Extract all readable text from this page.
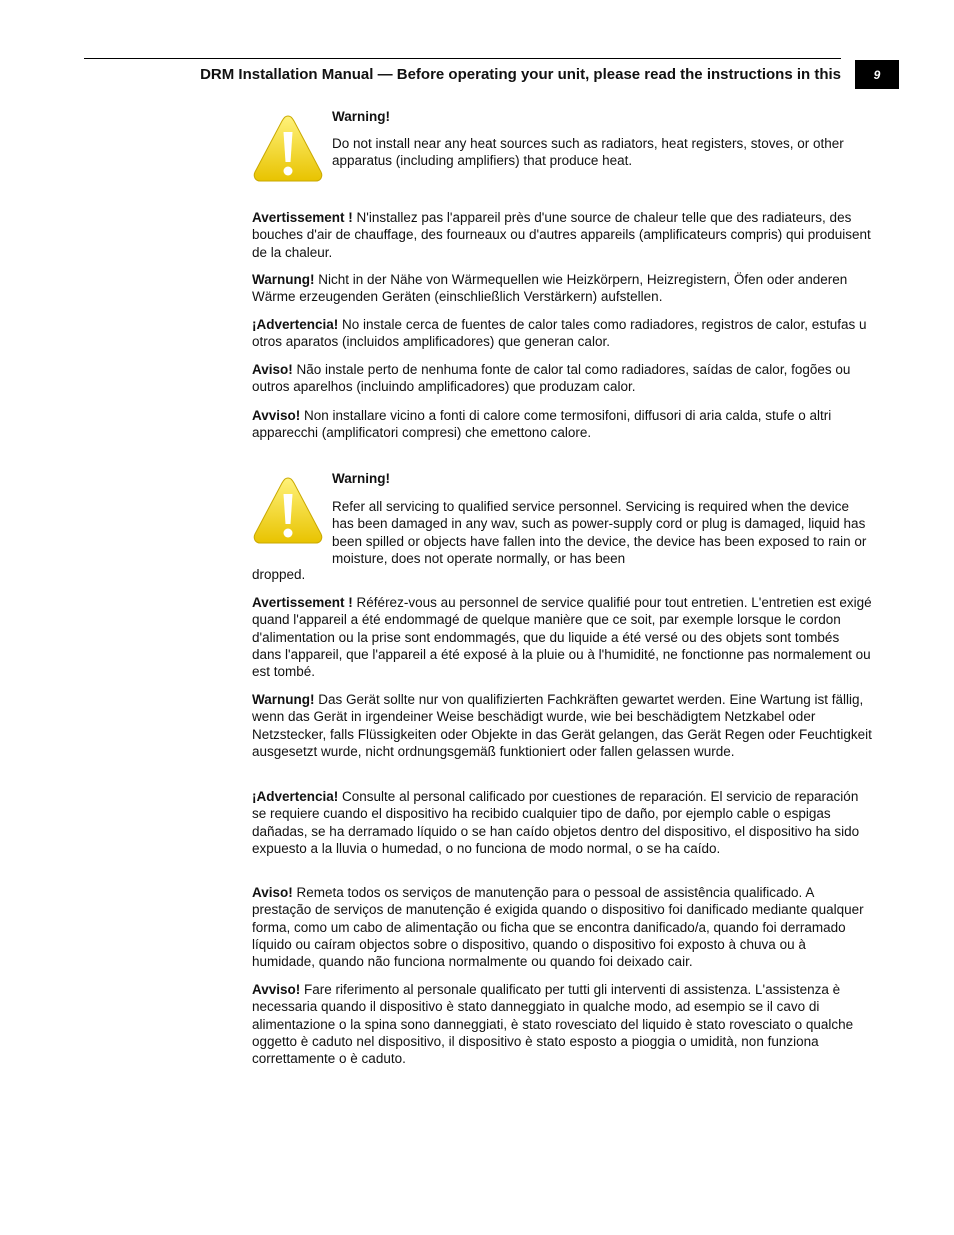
DRM Installation Manual — Before operating your unit, please read the instructions in this	9
Warning!
Do not install near any heat sources such as radiators, heat registers, stoves, or other apparatus (including amplifiers) that produce heat.
Avertissement ! N'installez pas l'appareil près d'une source de chaleur telle que des radiateurs, des bouches d'air de chauffage, des fourneaux ou d'autres appareils (amplificateurs compris) qui produisent de la chaleur.
Warnung! Nicht in der Nähe von Wärmequellen wie Heizkörpern, Heizregistern, Öfen oder anderen Wärme erzeugenden Geräten (einschließlich Verstärkern) aufstellen.
¡Advertencia! No instale cerca de fuentes de calor tales como radiadores, registros de calor, estufas u otros aparatos (incluidos amplificadores) que generan calor.
Aviso! Não instale perto de nenhuma fonte de calor tal como radiadores, saídas de calor, fogões ou outros aparelhos (incluindo amplificadores) que produzam calor.
Avviso! Non installare vicino a fonti di calore come termosifoni, diffusori di aria calda, stufe o altri apparecchi (amplificatori compresi) che emettono calore.
Warning!
Refer all servicing to qualified service personnel. Servicing is required when the device has been damaged in any wav, such as power-supply cord or plug is damaged, liquid has been spilled or objects have fallen into the device, the device has been exposed to rain or moisture, does not operate normally, or has been
dropped.
Avertissement ! Référez-vous au personnel de service qualifié pour tout entretien. L'entretien est exigé quand l'appareil a été endommagé de quelque manière que ce soit, par exemple lorsque le cordon d'alimentation ou la prise sont endommagés, que du liquide a été versé ou des objets sont tombés dans l'appareil, que l'appareil a été exposé à la pluie ou à l'humidité, ne fonctionne pas normalement ou est tombé.
Warnung! Das Gerät sollte nur von qualifizierten Fachkräften gewartet werden. Eine Wartung ist fällig, wenn das Gerät in irgendeiner Weise beschädigt wurde, wie bei beschädigtem Netzkabel oder Netzstecker, falls Flüssigkeiten oder Objekte in das Gerät gelangen, das Gerät Regen oder Feuchtigkeit ausgesetzt wurde, nicht ordnungsgemäß funktioniert oder fallen gelassen wurde.
¡Advertencia! Consulte al personal calificado por cuestiones de reparación. El servicio de reparación se requiere cuando el dispositivo ha recibido cualquier tipo de daño, por ejemplo cable o espigas dañadas, se ha derramado líquido o se han caído objetos dentro del dispositivo, el dispositivo ha sido expuesto a la lluvia o humedad, o no funciona de modo normal, o se ha caído.
Aviso! Remeta todos os serviços de manutenção para o pessoal de assistência qualificado. A prestação de serviços de manutenção é exigida quando o dispositivo foi danificado mediante qualquer forma, como um cabo de alimentação ou ficha que se encontra danificado/a, quando foi derramado líquido ou caíram objectos sobre o dispositivo, quando o dispositivo foi exposto à chuva ou à humidade, quando não funciona normalmente ou quando foi deixado cair.
Avviso! Fare riferimento al personale qualificato per tutti gli interventi di assistenza. L'assistenza è necessaria quando il dispositivo è stato danneggiato in qualche modo, ad esempio se il cavo di alimentazione o la spina sono danneggiati, è stato rovesciato del liquido è stato rovesciato o qualche oggetto è caduto nel dispositivo, il dispositivo è stato esposto a pioggia o umidità, non funziona correttamente o è caduto.
